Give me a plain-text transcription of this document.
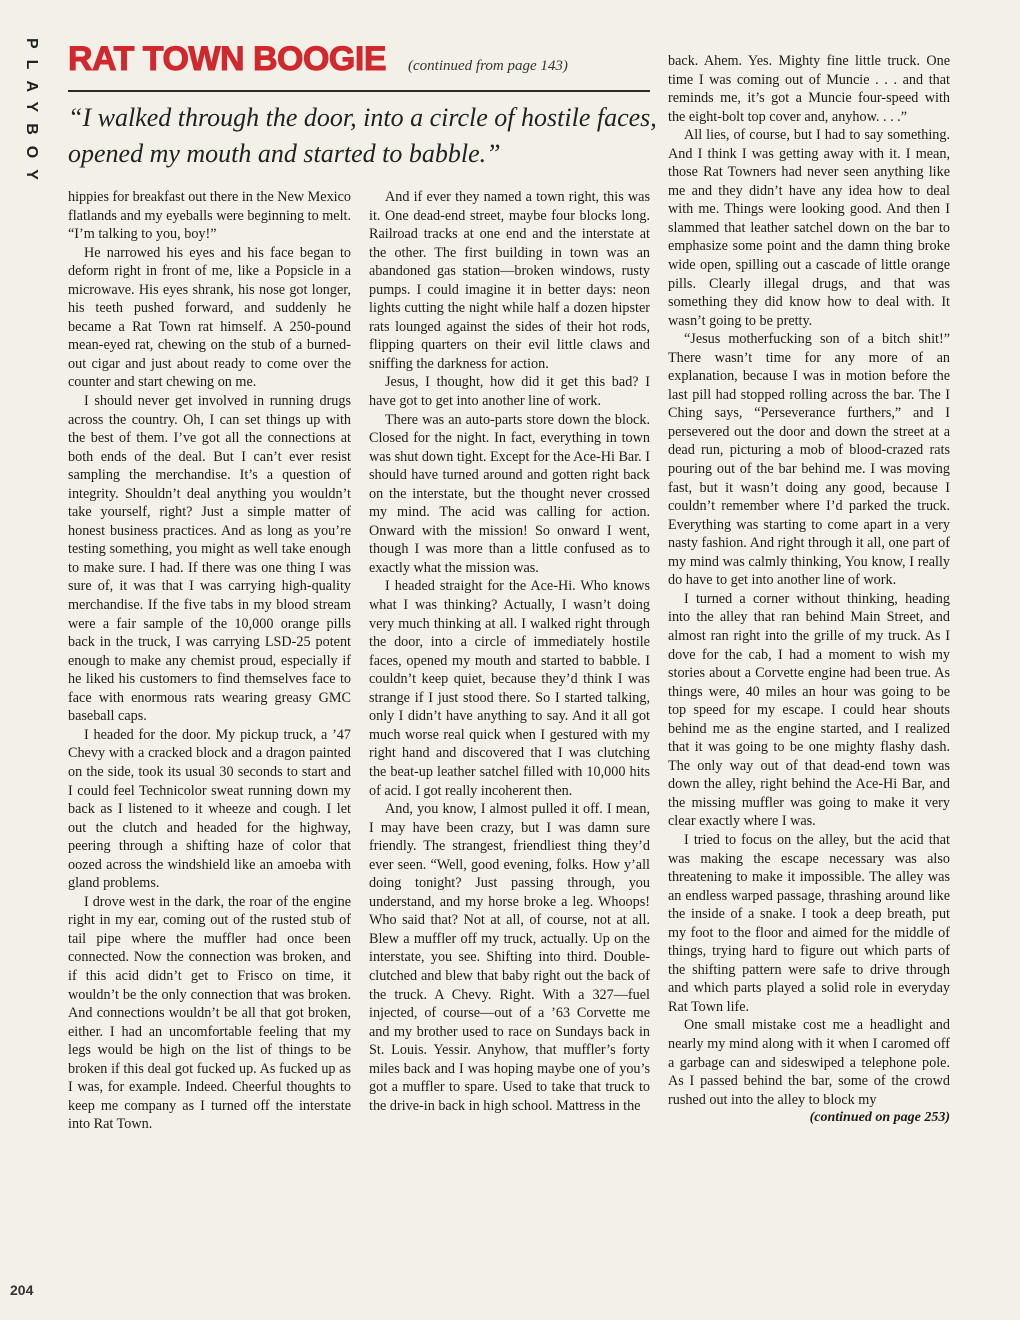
PLAYBOY RAT TOWN BOOGIE (continued from page 143)
“I walked through the door, into a circle of hostile faces, opened my mouth and started to babble.”

hippies for breakfast out there in the New Mexico flatlands and my eyeballs were beginning to melt. “I’m talking to you, boy!”

He narrowed his eyes and his face began to deform right in front of me, like a Popsicle in a microwave. His eyes shrank, his nose got longer, his teeth pushed forward, and suddenly he became a Rat Town rat himself. A 250-pound mean-eyed rat, chewing on the stub of a burned-out cigar and just about ready to come over the counter and start chewing on me.

I should never get involved in running drugs across the country. Oh, I can set things up with the best of them. I’ve got all the connections at both ends of the deal. But I can’t ever resist sampling the merchandise. It’s a question of integrity. Shouldn’t deal anything you wouldn’t take yourself, right? Just a simple matter of honest business practices. And as long as you’re testing something, you might as well take enough to make sure. I had. If there was one thing I was sure of, it was that I was carrying high-quality merchandise. If the five tabs in my blood stream were a fair sample of the 10,000 orange pills back in the truck, I was carrying LSD-25 potent enough to make any chemist proud, especially if he liked his customers to find themselves face to face with enormous rats wearing greasy GMC baseball caps.

I headed for the door. My pickup truck, a ’47 Chevy with a cracked block and a dragon painted on the side, took its usual 30 seconds to start and I could feel Technicolor sweat running down my back as I listened to it wheeze and cough. I let out the clutch and headed for the highway, peering through a shifting haze of color that oozed across the windshield like an amoeba with gland problems.

I drove west in the dark, the roar of the engine right in my ear, coming out of the rusted stub of tail pipe where the muffler had once been connected. Now the connection was broken, and if this acid didn’t get to Frisco on time, it wouldn’t be the only connection that was broken. And connections wouldn’t be all that got broken, either. I had an uncomfortable feeling that my legs would be high on the list of things to be broken if this deal got fucked up. As fucked up as I was, for example. Indeed. Cheerful thoughts to keep me company as I turned off the interstate into Rat Town.

And if ever they named a town right, this was it. One dead-end street, maybe four blocks long. Railroad tracks at one end and the interstate at the other. The first building in town was an abandoned gas station—broken windows, rusty pumps. I could imagine it in better days: neon lights cutting the night while half a dozen hipster rats lounged against the sides of their hot rods, flipping quarters on their evil little claws and sniffing the darkness for action.

Jesus, I thought, how did it get this bad? I have got to get into another line of work.

There was an auto-parts store down the block. Closed for the night. In fact, everything in town was shut down tight. Except for the Ace-Hi Bar. I should have turned around and gotten right back on the interstate, but the thought never crossed my mind. The acid was calling for action. Onward with the mission! So onward I went, though I was more than a little confused as to exactly what the mission was.

I headed straight for the Ace-Hi. Who knows what I was thinking? Actually, I wasn’t doing very much thinking at all. I walked right through the door, into a circle of immediately hostile faces, opened my mouth and started to babble. I couldn’t keep quiet, because they’d think I was strange if I just stood there. So I started talking, only I didn’t have anything to say. And it all got much worse real quick when I gestured with my right hand and discovered that I was clutching the beat-up leather satchel filled with 10,000 hits of acid. I got really incoherent then.

And, you know, I almost pulled it off. I mean, I may have been crazy, but I was damn sure friendly. The strangest, friendliest thing they’d ever seen. “Well, good evening, folks. How y’all doing tonight? Just passing through, you understand, and my horse broke a leg. Whoops! Who said that? Not at all, of course, not at all. Blew a muffler off my truck, actually. Up on the interstate, you see. Shifting into third. Double-clutched and blew that baby right out the back of the truck. A Chevy. Right. With a 327—fuel injected, of course—out of a ’63 Corvette me and my brother used to race on Sundays back in St. Louis. Yessir. Anyhow, that muffler’s forty miles back and I was hoping maybe one of you’s got a muffler to spare. Used to take that truck to the drive-in back in high school. Mattress in the

back. Ahem. Yes. Mighty fine little truck. One time I was coming out of Muncie . . . and that reminds me, it’s got a Muncie four-speed with the eight-bolt top cover and, anyhow. . . .”

All lies, of course, but I had to say something. And I think I was getting away with it. I mean, those Rat Towners had never seen anything like me and they didn’t have any idea how to deal with me. Things were looking good. And then I slammed that leather satchel down on the bar to emphasize some point and the damn thing broke wide open, spilling out a cascade of little orange pills. Clearly illegal drugs, and that was something they did know how to deal with. It wasn’t going to be pretty.

“Jesus motherfucking son of a bitch shit!” There wasn’t time for any more of an explanation, because I was in motion before the last pill had stopped rolling across the bar. The I Ching says, “Perseverance furthers,” and I persevered out the door and down the street at a dead run, picturing a mob of blood-crazed rats pouring out of the bar behind me. I was moving fast, but it wasn’t doing any good, because I couldn’t remember where I’d parked the truck. Everything was starting to come apart in a very nasty fashion. And right through it all, one part of my mind was calmly thinking, You know, I really do have to get into another line of work.

I turned a corner without thinking, heading into the alley that ran behind Main Street, and almost ran right into the grille of my truck. As I dove for the cab, I had a moment to wish my stories about a Corvette engine had been true. As things were, 40 miles an hour was going to be top speed for my escape. I could hear shouts behind me as the engine started, and I realized that it was going to be one mighty flashy dash. The only way out of that dead-end town was down the alley, right behind the Ace-Hi Bar, and the missing muffler was going to make it very clear exactly where I was.

I tried to focus on the alley, but the acid that was making the escape necessary was also threatening to make it impossible. The alley was an endless warped passage, thrashing around like the inside of a snake. I took a deep breath, put my foot to the floor and aimed for the middle of things, trying hard to figure out which parts of the shifting pattern were safe to drive through and which parts played a solid role in everyday Rat Town life.

One small mistake cost me a headlight and nearly my mind along with it when I caromed off a garbage can and sideswiped a telephone pole. As I passed behind the bar, some of the crowd rushed out into the alley to block my

(continued on page 253)
204
